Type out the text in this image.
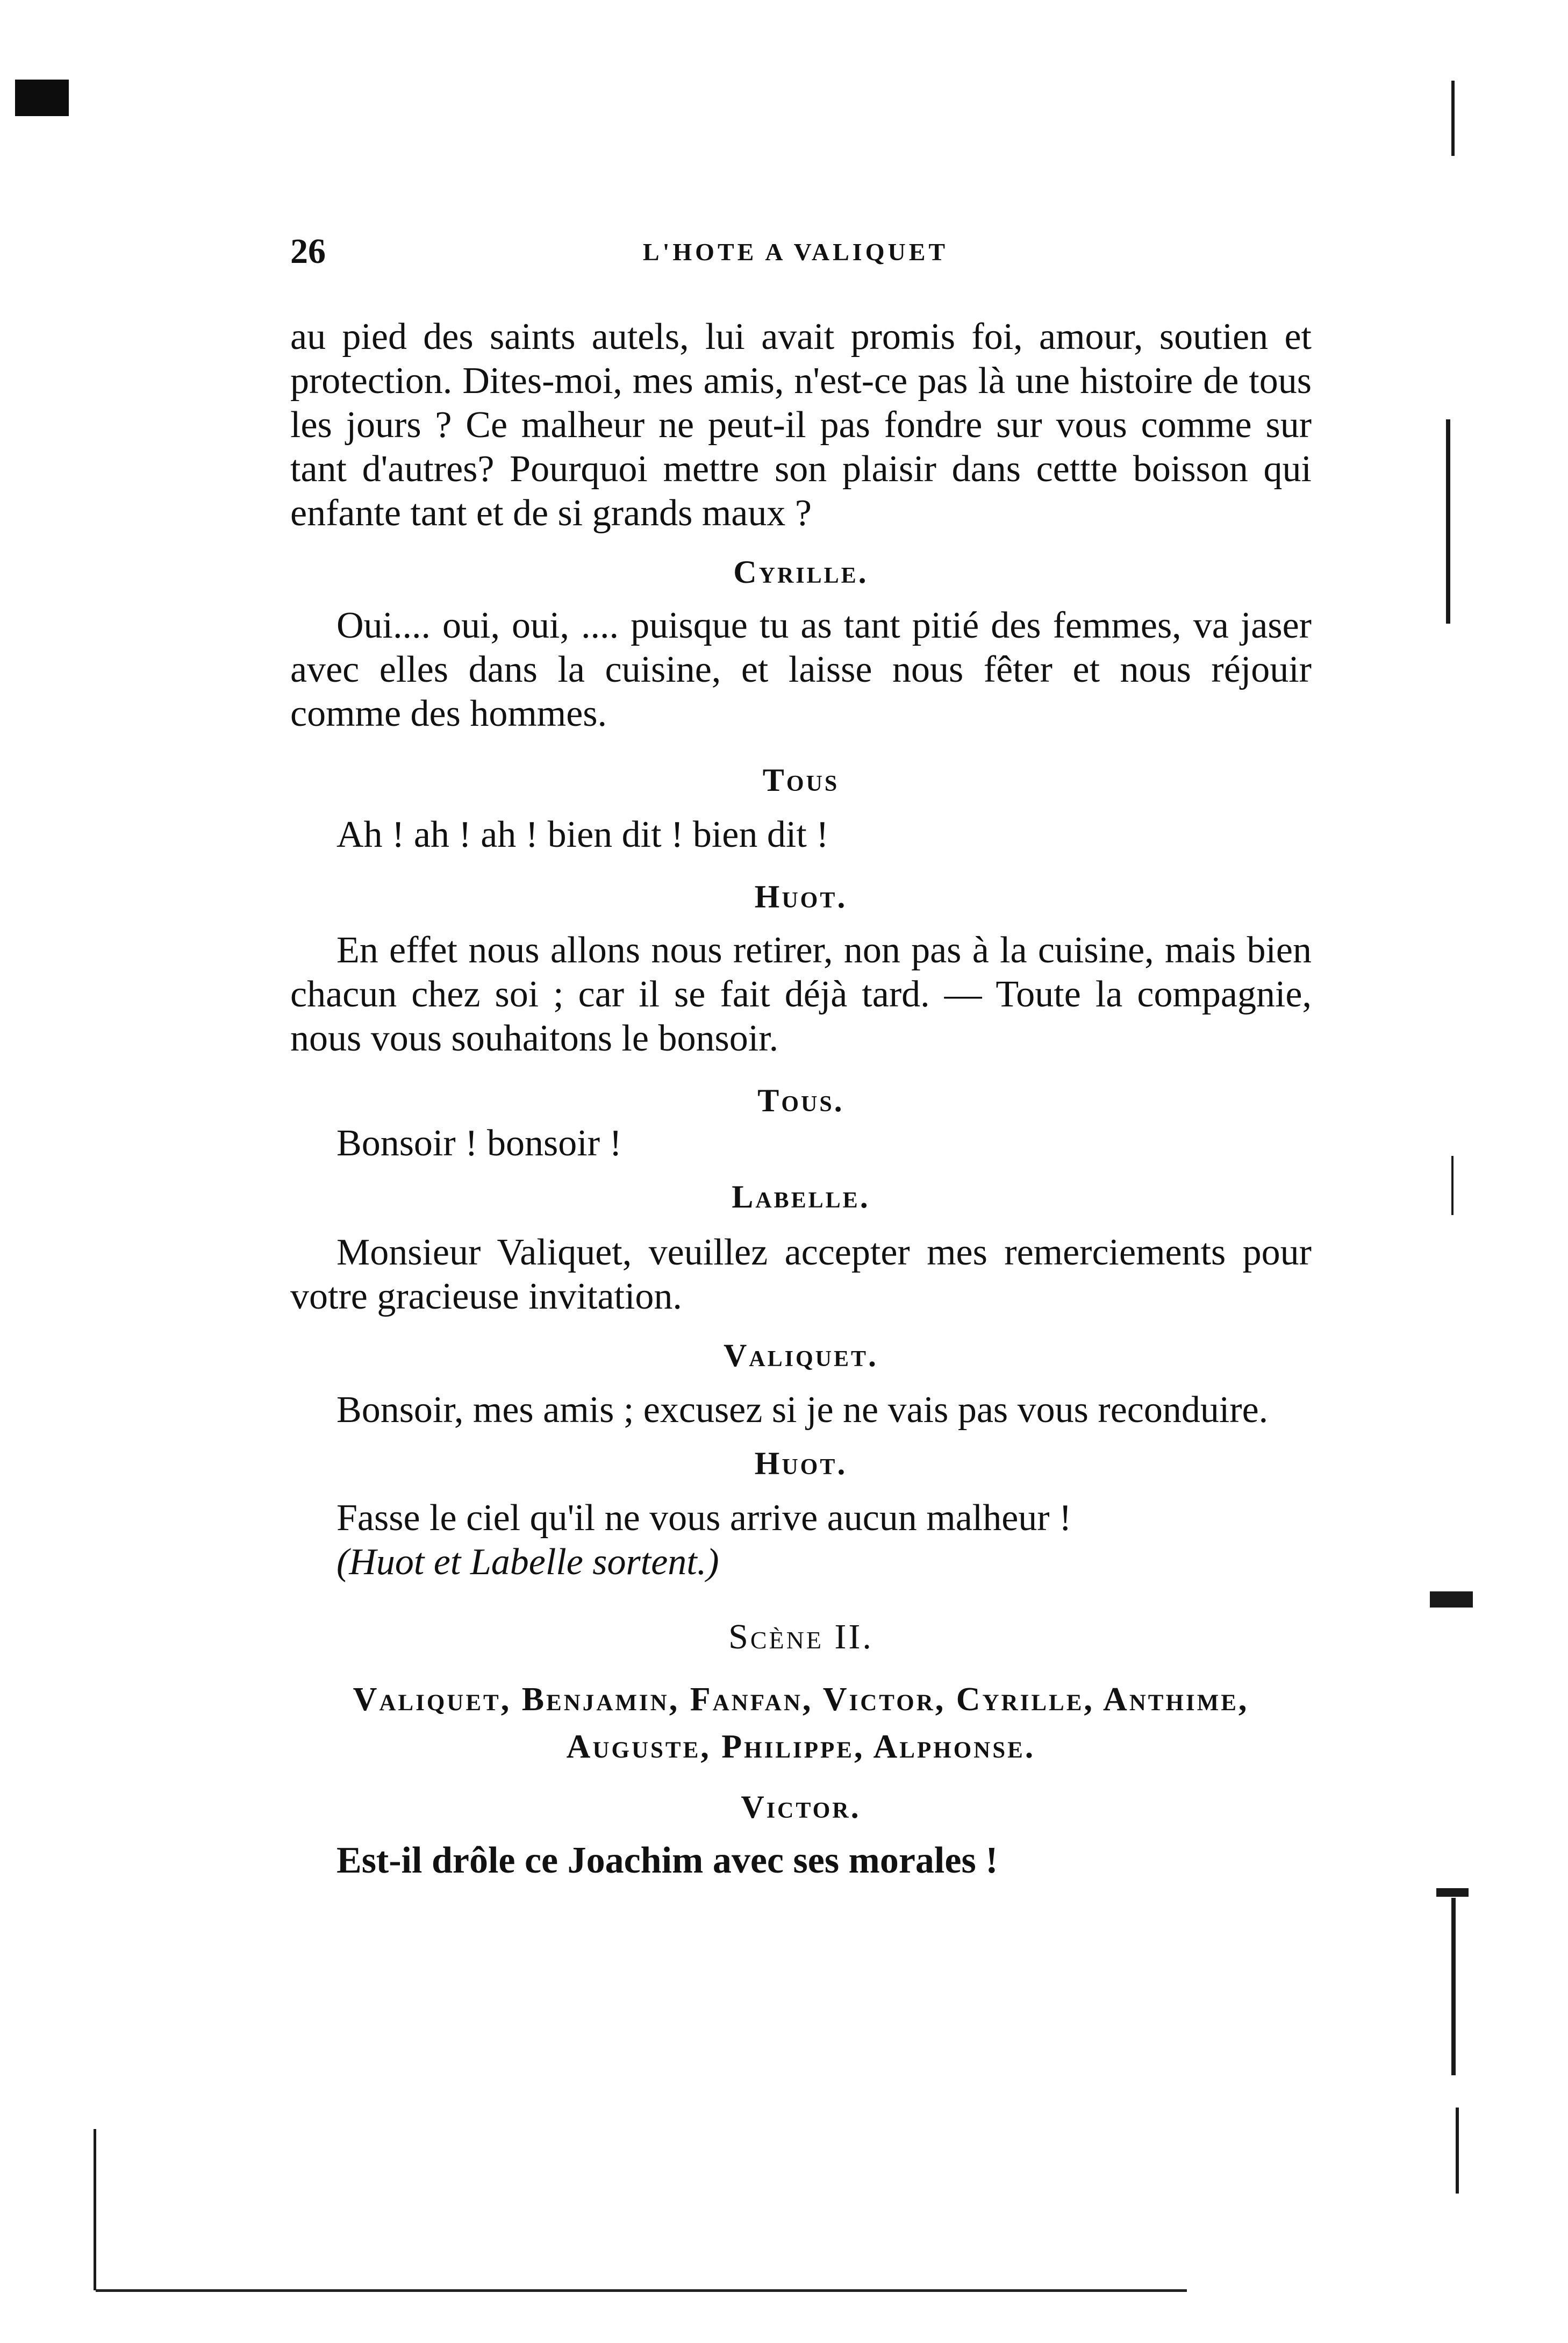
26	L'HOTE A VALIQUET

au pied des saints autels, lui avait promis foi, amour, soutien et protection. Dites-moi, mes amis, n'est-ce pas là une histoire de tous les jours ? Ce malheur ne peut-il pas fondre sur vous comme sur tant d'autres? Pourquoi mettre son plaisir dans cettte boisson qui enfante tant et de si grands maux ?

Cyrille.

Oui.... oui, oui, .... puisque tu as tant pitié des femmes, va jaser avec elles dans la cuisine, et laisse nous fêter et nous réjouir comme des hommes.

Tous

Ah ! ah ! ah ! bien dit ! bien dit !

Huot.

En effet nous allons nous retirer, non pas à la cuisine, mais bien chacun chez soi ; car il se fait déjà tard. — Toute la compagnie, nous vous souhaitons le bonsoir.

Tous.

Bonsoir ! bonsoir !

Labelle.

Monsieur Valiquet, veuillez accepter mes remerciements pour votre gracieuse invitation.

Valiquet.

Bonsoir, mes amis ; excusez si je ne vais pas vous reconduire.

Huot.

Fasse le ciel qu'il ne vous arrive aucun malheur !

(Huot et Labelle sortent.)

Scène II.

Valiquet, Benjamin, Fanfan, Victor, Cyrille, Anthime, Auguste, Philippe, Alphonse.

Victor.

Est-il drôle ce Joachim avec ses morales !
